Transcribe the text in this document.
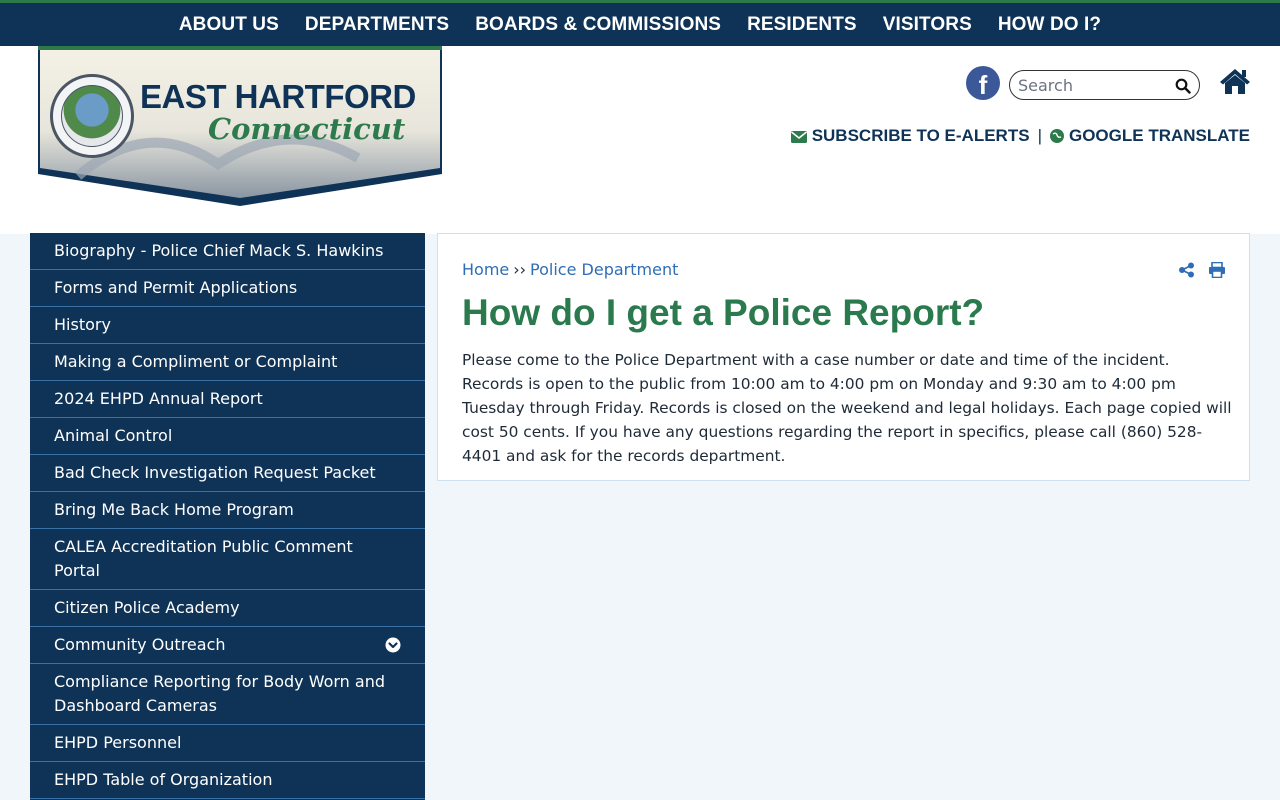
ABOUT US	DEPARTMENTS	BOARDS & COMMISSIONS	RESIDENTS	VISITORS	HOW DO I?
EAST HARTFORD
Connecticut
f
Search
SUBSCRIBE TO E-ALERTS |	GOOGLE TRANSLATE
Biography - Police Chief Mack S. Hawkins
Forms and Permit Applications
History
Making a Compliment or Complaint
2024 EHPD Annual Report
Animal Control
Bad Check Investigation Request Packet
Bring Me Back Home Program
CALEA Accreditation Public Comment Portal
Citizen Police Academy
Community Outreach
Compliance Reporting for Body Worn and Dashboard Cameras
EHPD Personnel
EHPD Table of Organization
Home ›› Police Department
How do I get a Police Report?

Please come to the Police Department with a case number or date and time of the incident. Records is open to the public from 10:00 am to 4:00 pm on Monday and 9:30 am to 4:00 pm Tuesday through Friday. Records is closed on the weekend and legal holidays. Each page copied will cost 50 cents. If you have any questions regarding the report in specifics, please call (860) 528-4401 and ask for the records department.
